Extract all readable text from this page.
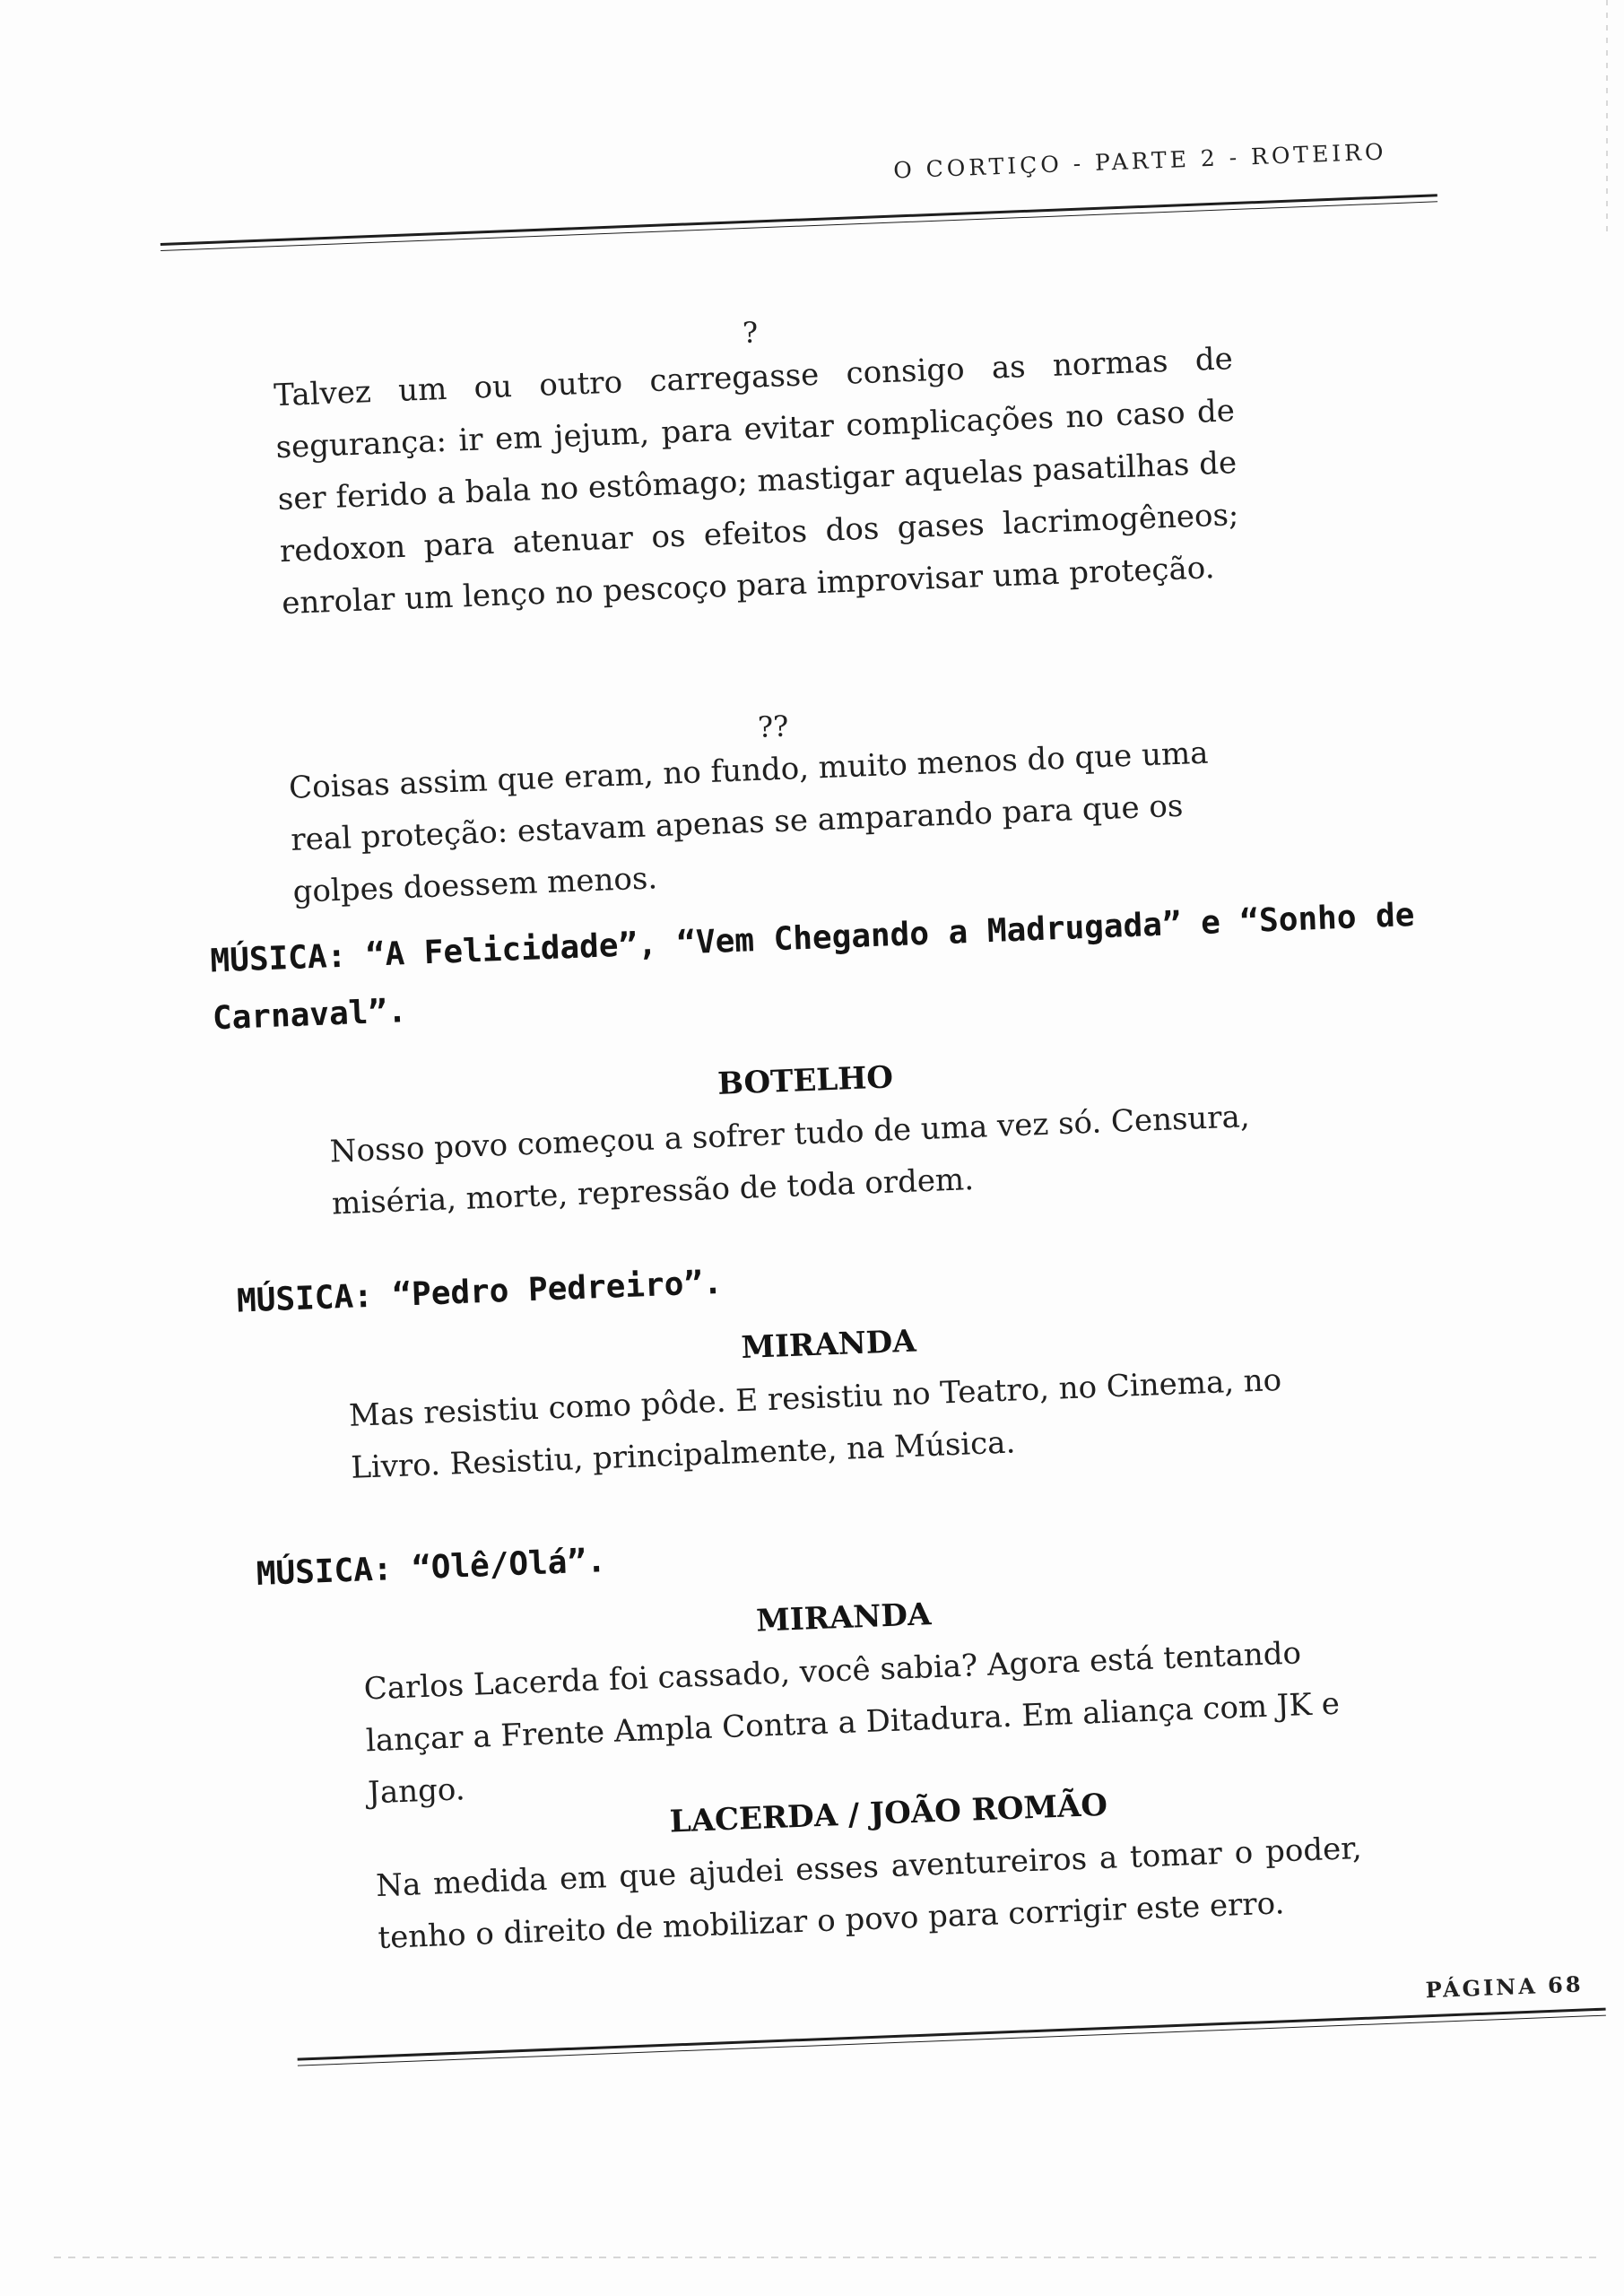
O CORTIÇO - PARTE 2 - ROTEIRO
?
Talvez um ou outro carregasse consigo as normas de segurança: ir em jejum, para evitar complicações no caso de ser ferido a bala no estômago; mastigar aquelas pasatilhas de redoxon para atenuar os efeitos dos gases lacrimogêneos; enrolar um lenço no pescoço para improvisar uma proteção.
??
Coisas assim que eram, no fundo, muito menos do que uma real proteção: estavam apenas se amparando para que os golpes doessem menos.
MÚSICA: “A Felicidade”, “Vem Chegando a Madrugada” e “Sonho de Carnaval”.
BOTELHO
Nosso povo começou a sofrer tudo de uma vez só. Censura, miséria, morte, repressão de toda ordem.
MÚSICA: “Pedro Pedreiro”.
MIRANDA
Mas resistiu como pôde. E resistiu no Teatro, no Cinema, no Livro. Resistiu, principalmente, na Música.
MÚSICA: “Olê/Olá”.
MIRANDA
Carlos Lacerda foi cassado, você sabia? Agora está tentando lançar a Frente Ampla Contra a Ditadura. Em aliança com JK e Jango.	LACERDA / JOÃO ROMÃO
Na medida em que ajudei esses aventureiros a tomar o poder, tenho o direito de mobilizar o povo para corrigir este erro.
PÁGINA 68
